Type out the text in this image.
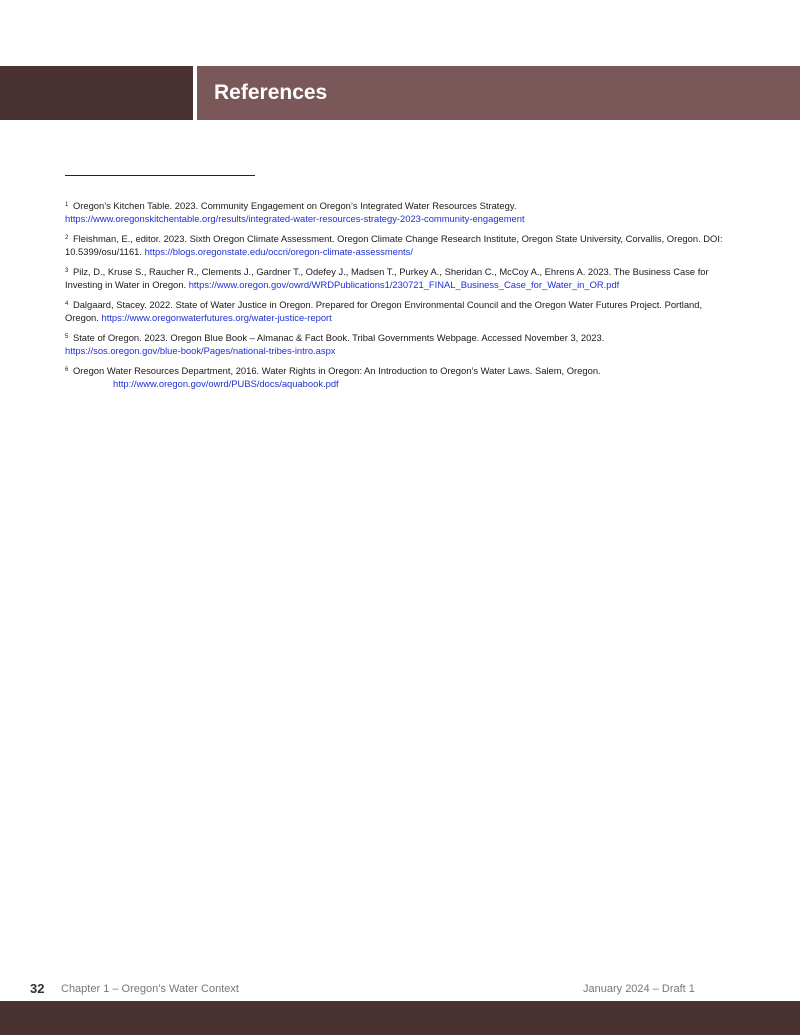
References
$^1$ Oregon’s Kitchen Table. 2023. Community Engagement on Oregon’s Integrated Water Resources Strategy.
https://www.oregonskitchentable.org/results/integrated-water-resources-strategy-2023-community-engagement
$^2$ Fleishman, E., editor. 2023. Sixth Oregon Climate Assessment. Oregon Climate Change Research Institute, Oregon State University, Corvallis, Oregon. DOI: 10.5399/osu/1161. https://blogs.oregonstate.edu/occri/oregon-climate-assessments/
$^3$ Pilz, D., Kruse S., Raucher R., Clements J., Gardner T., Odefey J., Madsen T., Purkey A., Sheridan C., McCoy A., Ehrens A. 2023. The Business Case for Investing in Water in Oregon. https://www.oregon.gov/owrd/WRDPublications1/230721_FINAL_Business_Case_for_Water_in_OR.pdf
$^4$ Dalgaard, Stacey. 2022. State of Water Justice in Oregon. Prepared for Oregon Environmental Council and the Oregon Water Futures Project. Portland, Oregon. https://www.oregonwaterfutures.org/water-justice-report
$^5$ State of Oregon. 2023. Oregon Blue Book – Almanac & Fact Book. Tribal Governments Webpage. Accessed November 3, 2023.
https://sos.oregon.gov/blue-book/Pages/national-tribes-intro.aspx
$^6$ Oregon Water Resources Department, 2016. Water Rights in Oregon: An Introduction to Oregon’s Water Laws. Salem, Oregon.
http://www.oregon.gov/owrd/PUBS/docs/aquabook.pdf
32 Chapter 1 – Oregon’s Water Context	January 2024 – Draft 1
